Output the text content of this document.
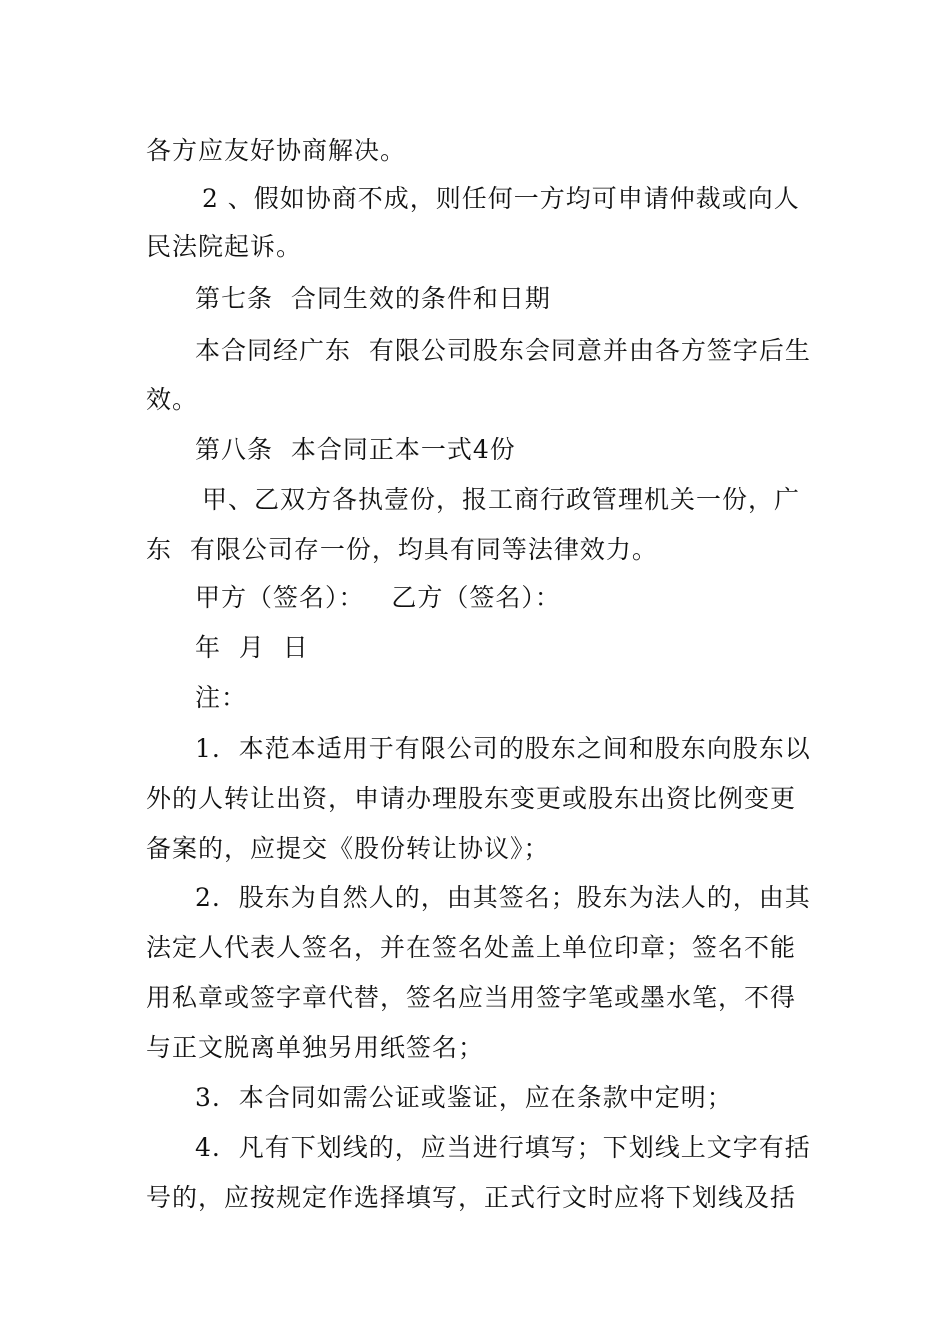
各方应友好协商解决。
2 、假如协商不成，则任何一方均可申请仲裁或向人
民法院起诉。
第七条  合同生效的条件和日期
本合同经广东  有限公司股东会同意并由各方签字后生
效。
第八条  本合同正本一式4份
甲、乙双方各执壹份，报工商行政管理机关一份，广
东  有限公司存一份，均具有同等法律效力。
甲方（签名）：   乙方（签名）：
年  月  日
注：
1.  本范本适用于有限公司的股东之间和股东向股东以
外的人转让出资，申请办理股东变更或股东出资比例变更
备案的，应提交《股份转让协议》；
2.  股东为自然人的，由其签名；股东为法人的，由其
法定人代表人签名，并在签名处盖上单位印章；签名不能
用私章或签字章代替，签名应当用签字笔或墨水笔，不得
与正文脱离单独另用纸签名；
3.  本合同如需公证或鉴证，应在条款中定明；
4.  凡有下划线的，应当进行填写；下划线上文字有括
号的，应按规定作选择填写，正式行文时应将下划线及括
